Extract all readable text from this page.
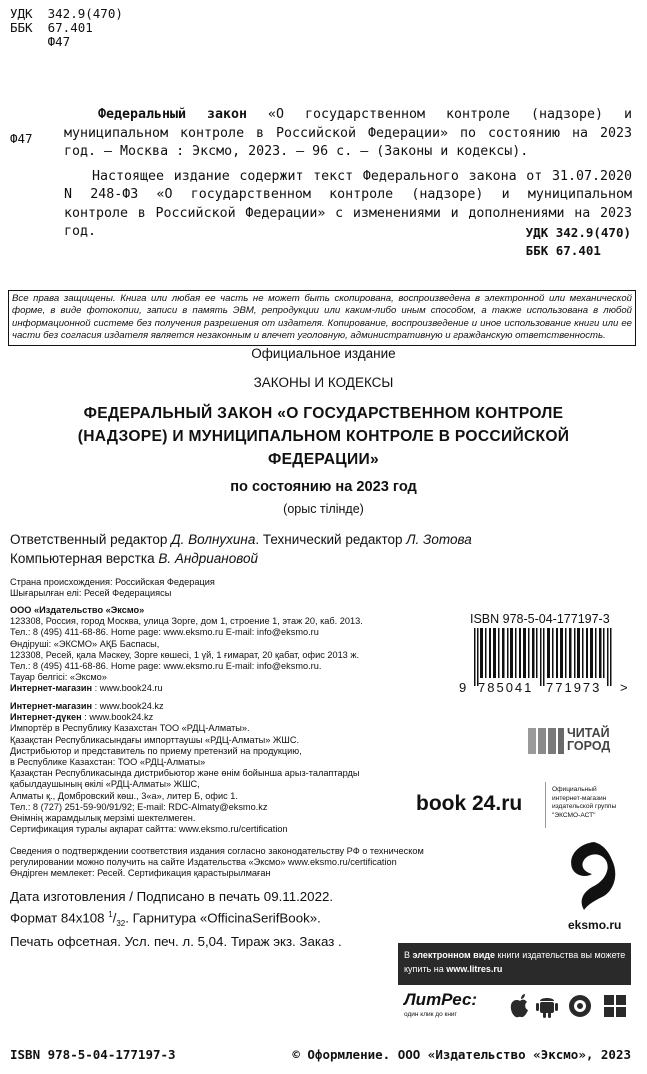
УДК  342.9(470)
ББК  67.401
Ф47
Ф47

Федеральный закон «О государственном контроле (надзоре) и муниципальном контроле в Российской Федерации» по состоянию на 2023 год. — Москва : Эксмо, 2023. — 96 с. — (Законы и кодексы).

Настоящее издание содержит текст Федерального закона от 31.07.2020 N 248-ФЗ «О государственном контроле (надзоре) и муниципальном контроле в Российской Федерации» с изменениями и дополнениями на 2023 год.	УДК 342.9(470)
ББК 67.401
Все права защищены. Книга или любая ее часть не может быть скопирована, воспроизведена в электронной или механической форме, в виде фотокопии, записи в память ЭВМ, репродукции или каким-либо иным способом, а также использована в любой информационной системе без получения разрешения от издателя. Копирование, воспроизведение и иное использование книги или ее части без согласия издателя является незаконным и влечет уголовную, административную и гражданскую ответственность.
Официальное издание
ЗАКОНЫ И КОДЕКСЫ
ФЕДЕРАЛЬНЫЙ ЗАКОН «О ГОСУДАРСТВЕННОМ КОНТРОЛЕ
(НАДЗОРЕ) И МУНИЦИПАЛЬНОМ КОНТРОЛЕ В РОССИЙСКОЙ
ФЕДЕРАЦИИ»
по состоянию на 2023 год
(орыс тілінде)
Ответственный редактор Д. Волнухина. Технический редактор Л. Зотова
Компьютерная верстка В. Андриановой
Страна происхождения: Российская Федерация
Шығарылған елі: Ресей Федерациясы
ООО «Издательство «Эксмо»
123308, Россия, город Москва, улица Зорге, дом 1, строение 1, этаж 20, каб. 2013.
Тел.: 8 (495) 411-68-86. Home page: www.eksmo.ru E-mail: info@eksmo.ru
Өндіруші: «ЭКСМО» АҚБ Баспасы,
123308, Ресей, қала Мәскеу, Зорге көшесі, 1 үй, 1 ғимарат, 20 қабат, офис 2013 ж.
Тел.: 8 (495) 411-68-86. Home page: www.eksmo.ru E-mail: info@eksmo.ru.
Тауар белгісі: «Эксмо»
Интернет-магазин : www.book24.ru
Интернет-магазин : www.book24.kz
Интернет-дүкен : www.book24.kz
Импортёр в Республику Казахстан ТОО «РДЦ-Алматы».
Қазақстан Республикасындағы импорттаушы «РДЦ-Алматы» ЖШС.
Дистрибьютор и представитель по приему претензий на продукцию,
в Республике Казахстан: ТОО «РДЦ-Алматы»
Қазақстан Республикасында дистрибьютор және өнім бойынша арыз-талаптарды
қабылдаушының өкілі «РДЦ-Алматы» ЖШС,
Алматы қ., Домбровский көш., 3«а», литер Б, офис 1.
Тел.: 8 (727) 251-59-90/91/92; E-mail: RDC-Almaty@eksmo.kz
Өнімнің жарамдылық мерзімі шектелмеген.
Сертификация туралы ақпарат сайтта: www.eksmo.ru/certification
Сведения о подтверждении соответствия издания согласно законодательству РФ о техническом
регулировании можно получить на сайте Издательства «Эксмо» www.eksmo.ru/certification
Өндірген мемлекет: Ресей. Сертификация қарастырылмаған
Дата изготовления / Подписано в печать 09.11.2022.
Формат 84x108 $^1/_{32}$. Гарнитура «OfficinaSerifBook».
Печать офсетная. Усл. печ. л. 5,04. Тираж экз. Заказ .
ISBN 978-5-04-177197-3
9 785041 771973 >
ЧИТАЙ
ГОРОД
book 24.ru
Официальный
интернет-магазин
издательской группы
"ЭКСМО-АСТ"
eksmo.ru
В электронном виде книги издательства вы можете
купить на www.litres.ru
ЛитРес:
один клик до книг
ISBN 978-5-04-177197-3	© Оформление. ООО «Издательство «Эксмо», 2023
